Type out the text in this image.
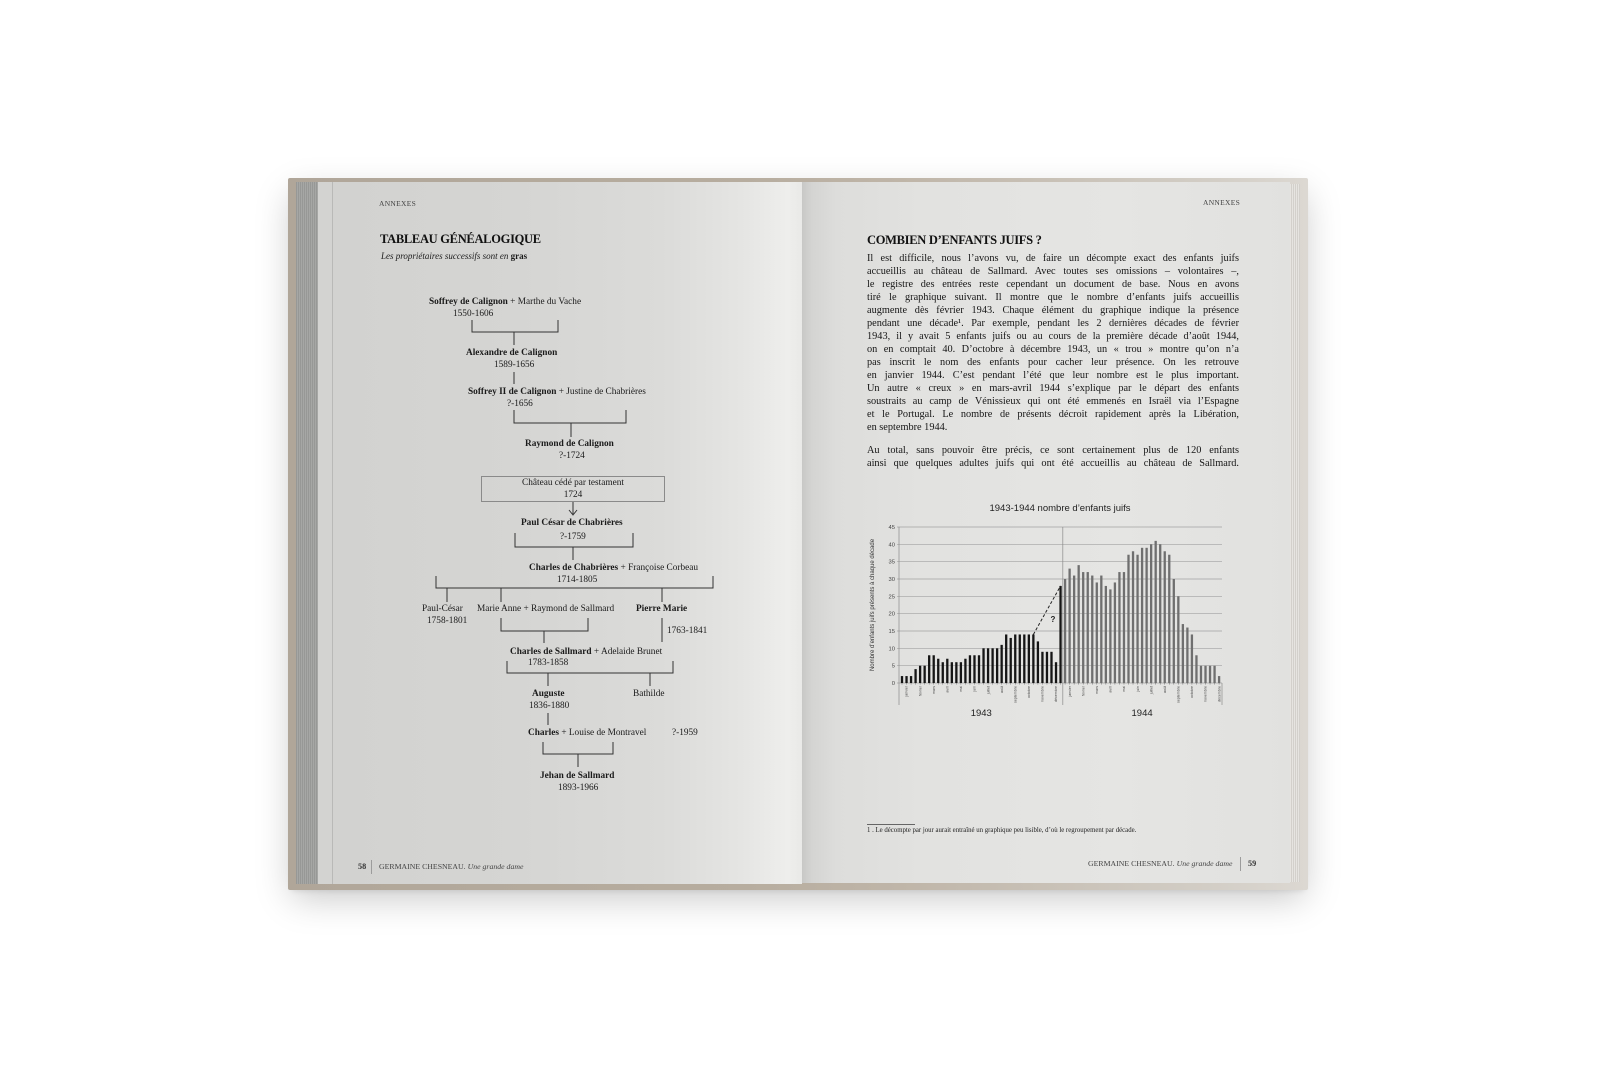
ANNEXES
TABLEAU GÉNÉALOGIQUE
Les propriétaires successifs sont en gras
Soffrey de Calignon + Marthe du Vache
1550-1606
Alexandre de Calignon
1589-1656
Soffrey II de Calignon + Justine de Chabrières
?-1656
Raymond de Calignon
?-1724
Château cédé par testament
1724
Paul César de Chabrières
?-1759
Charles de Chabrières + Françoise Corbeau
1714-1805
Paul-César
1758-1801
Marie Anne + Raymond de Sallmard Pierre Marie
1763-1841
Charles de Sallmard + Adelaide Brunet
1783-1858
Auguste
1836-1880
Bathilde
Charles + Louise de Montravel	?-1959
Jehan de Sallmard
1893-1966
58 GERMAINE CHESNEAU. Une grande dame
ANNEXES
COMBIEN D’ENFANTS JUIFS ?
Il est difficile, nous l’avons vu, de faire un décompte exact des enfants juifs
accueillis au château de Sallmard. Avec toutes ses omissions – volontaires –,
le registre des entrées reste cependant un document de base. Nous en avons
tiré le graphique suivant. Il montre que le nombre d’enfants juifs accueillis
augmente dès février 1943. Chaque élément du graphique indique la présence
pendant une décade¹. Par exemple, pendant les 2 dernières décades de février
1943, il y avait 5 enfants juifs ou au cours de la première décade d’août 1944,
on en comptait 40. D’octobre à décembre 1943, un « trou » montre qu’on n’a
pas inscrit le nom des enfants pour cacher leur présence. On les retrouve
en janvier 1944. C’est pendant l’été que leur nombre est le plus important.
Un autre « creux » en mars-avril 1944 s’explique par le départ des enfants
soustraits au camp de Vénissieux qui ont été emmenés en Israël via l’Espagne
et le Portugal. Le nombre de présents décroit rapidement après la Libération,
en septembre 1944.
Au total, sans pouvoir être précis, ce sont certainement plus de 120 enfants
ainsi que quelques adultes juifs qui ont été accueillis au château de Sallmard.
1943-1944 nombre d’enfants juifs
Nombre d’enfants juifs présents à chaque décade
0
5
10
15
20
25
30
35
40
45
janvier	février	mars	avril	mai	juin	juillet	août	septembre	octobre	novembre	décembre
1943
janvier	février	mars	avril	mai	juin	juillet	août	septembre	octobre	novembre	décembre
1944
?
1 . Le décompte par jour aurait entraîné un graphique peu lisible, d’où le regroupement par décade.
GERMAINE CHESNEAU. Une grande dame 59
